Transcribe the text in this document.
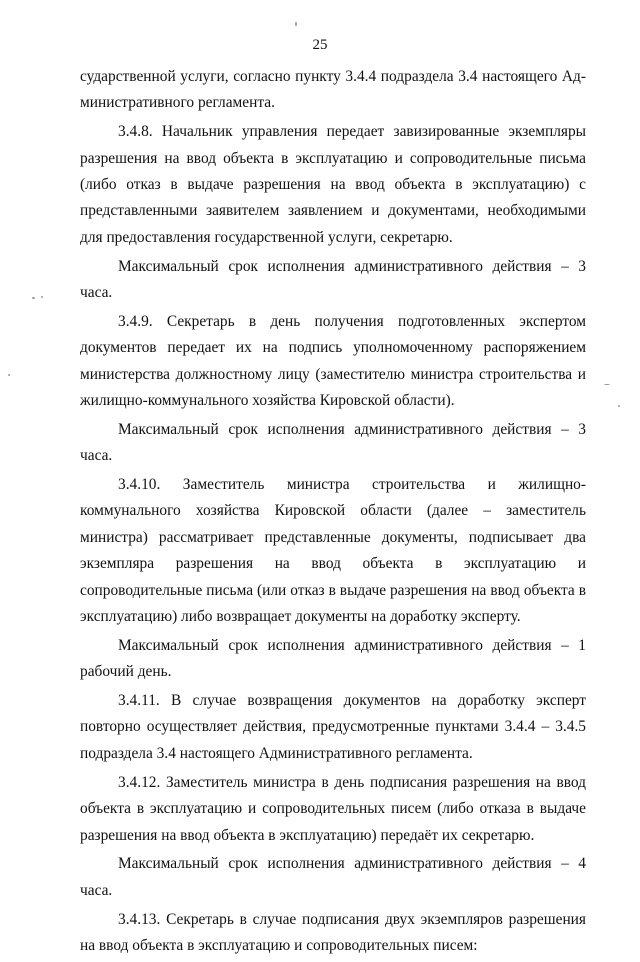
25

сударственной услуги, согласно пункту 3.4.4 подраздела 3.4 настоящего Административного регламента.

3.4.8. Начальник управления передает завизированные экземпляры разрешения на ввод объекта в эксплуатацию и сопроводительные письма (либо отказ в выдаче разрешения на ввод объекта в эксплуатацию) с представленными заявителем заявлением и документами, необходимыми для предоставления государственной услуги, секретарю.

Максимальный срок исполнения административного действия – 3 часа.

3.4.9. Секретарь в день получения подготовленных экспертом документов передает их на подпись уполномоченному распоряжением министерства должностному лицу (заместителю министра строительства и жилищно-коммунального хозяйства Кировской области).

Максимальный срок исполнения административного действия – 3 часа.

3.4.10. Заместитель министра строительства и жилищно-коммунального хозяйства Кировской области (далее – заместитель министра) рассматривает представленные документы, подписывает два экземпляра разрешения на ввод объекта в эксплуатацию и сопроводительные письма (или отказ в выдаче разрешения на ввод объекта в эксплуатацию) либо возвращает документы на доработку эксперту.

Максимальный срок исполнения административного действия – 1 рабочий день.

3.4.11. В случае возвращения документов на доработку эксперт повторно осуществляет действия, предусмотренные пунктами 3.4.4 – 3.4.5 подраздела 3.4 настоящего Административного регламента.

3.4.12. Заместитель министра в день подписания разрешения на ввод объекта в эксплуатацию и сопроводительных писем (либо отказа в выдаче разрешения на ввод объекта в эксплуатацию) передаёт их секретарю.

Максимальный срок исполнения административного действия – 4 часа.

3.4.13. Секретарь в случае подписания двух экземпляров разрешения на ввод объекта в эксплуатацию и сопроводительных писем:
